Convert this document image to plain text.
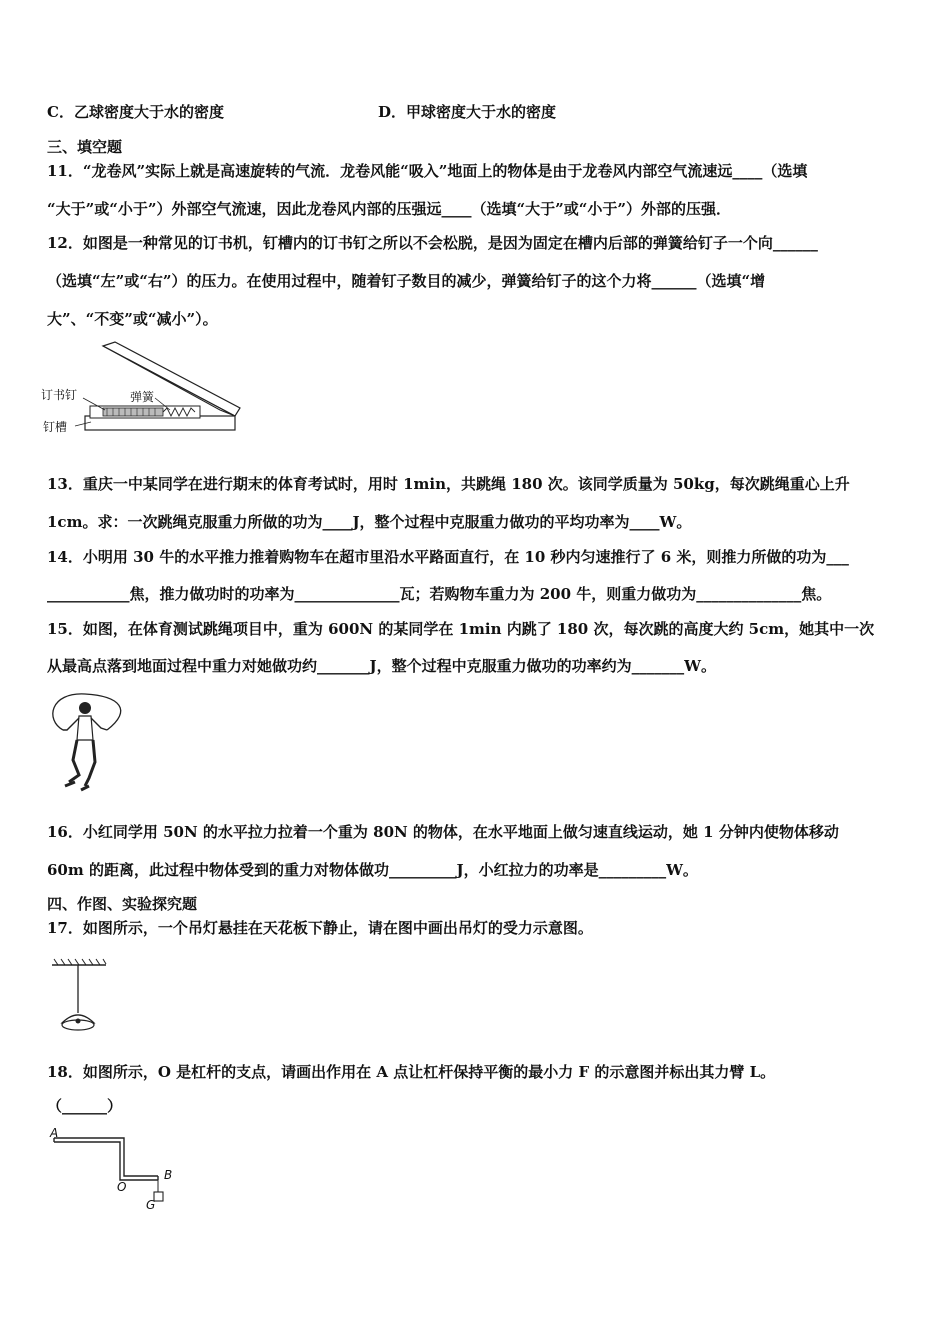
C．乙球密度大于水的密度	D．甲球密度大于水的密度
三、填空题
11．“龙卷风”实际上就是高速旋转的气流．龙卷风能“吸入”地面上的物体是由于龙卷风内部空气流速远____（选填
“大于”或“小于”）外部空气流速，因此龙卷风内部的压强远____（选填“大于”或“小于”）外部的压强．
12．如图是一种常见的订书机，钉槽内的订书钉之所以不会松脱，是因为固定在槽内后部的弹簧给钉子一个向______
（选填“左”或“右”）的压力。在使用过程中，随着钉子数目的减少，弹簧给钉子的这个力将______（选填“增
大”、“不变”或“减小”）。
订书钉	弹簧
钉槽
13．重庆一中某同学在进行期末的体育考试时，用时 1min，共跳绳 180 次。该同学质量为 50kg，每次跳绳重心上升
1cm。求：一次跳绳克服重力所做的功为____J，整个过程中克服重力做功的平均功率为____W。
14．小明用 30 牛的水平推力推着购物车在超市里沿水平路面直行，在 10 秒内匀速推行了 6 米，则推力所做的功为___
___________焦，推力做功时的功率为______________瓦；若购物车重力为 200 牛，则重力做功为______________焦。
15．如图，在体育测试跳绳项目中，重为 600N 的某同学在 1min 内跳了 180 次，每次跳的高度大约 5cm，她其中一次
从最高点落到地面过程中重力对她做功约_______J，整个过程中克服重力做功的功率约为_______W。
16．小红同学用 50N 的水平拉力拉着一个重为 80N 的物体，在水平地面上做匀速直线运动，她 1 分钟内使物体移动
60m 的距离，此过程中物体受到的重力对物体做功_________J，小红拉力的功率是_________W。
四、作图、实验探究题
17．如图所示，一个吊灯悬挂在天花板下静止，请在图中画出吊灯的受力示意图。
18．如图所示，O 是杠杆的支点，请画出作用在 A 点让杠杆保持平衡的最小力 F 的示意图并标出其力臂 L。
（______）
A
O
B
G
